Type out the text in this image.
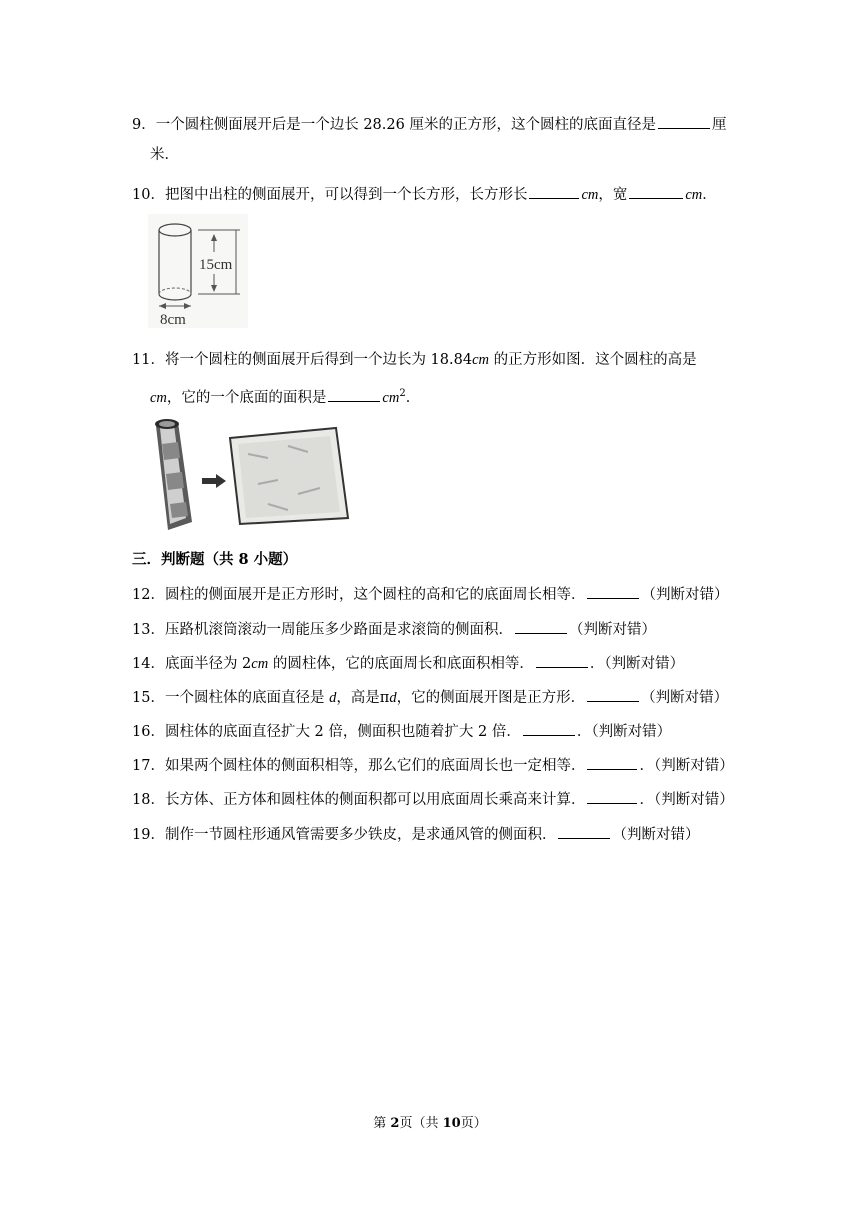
9．一个圆柱侧面展开后是一个边长 28.26 厘米的正方形，这个圆柱的底面直径是	厘
米．
10．把图中出柱的侧面展开，可以得到一个长方形，长方形长	cm，宽	cm．
15cm
8cm
11．将一个圆柱的侧面展开后得到一个边长为 18.84cm 的正方形如图．这个圆柱的高是
cm，它的一个底面的面积是	$cm^2$．
三．判断题（共 8 小题）
12．圆柱的侧面展开是正方形时，这个圆柱的高和它的底面周长相等．	（判断对错）
13．压路机滚筒滚动一周能压多少路面是求滚筒的侧面积．	（判断对错）
14．底面半径为 2cm 的圆柱体，它的底面周长和底面积相等．	．（判断对错）
15．一个圆柱体的底面直径是 d，高是πd，它的侧面展开图是正方形．	（判断对错）
16．圆柱体的底面直径扩大 2 倍，侧面积也随着扩大 2 倍．	．（判断对错）
17．如果两个圆柱体的侧面积相等，那么它们的底面周长也一定相等．	．（判断对错）
18．长方体、正方体和圆柱体的侧面积都可以用底面周长乘高来计算．	．（判断对错）
19．制作一节圆柱形通风管需要多少铁皮，是求通风管的侧面积．	（判断对错）
第 2页（共 10页）
